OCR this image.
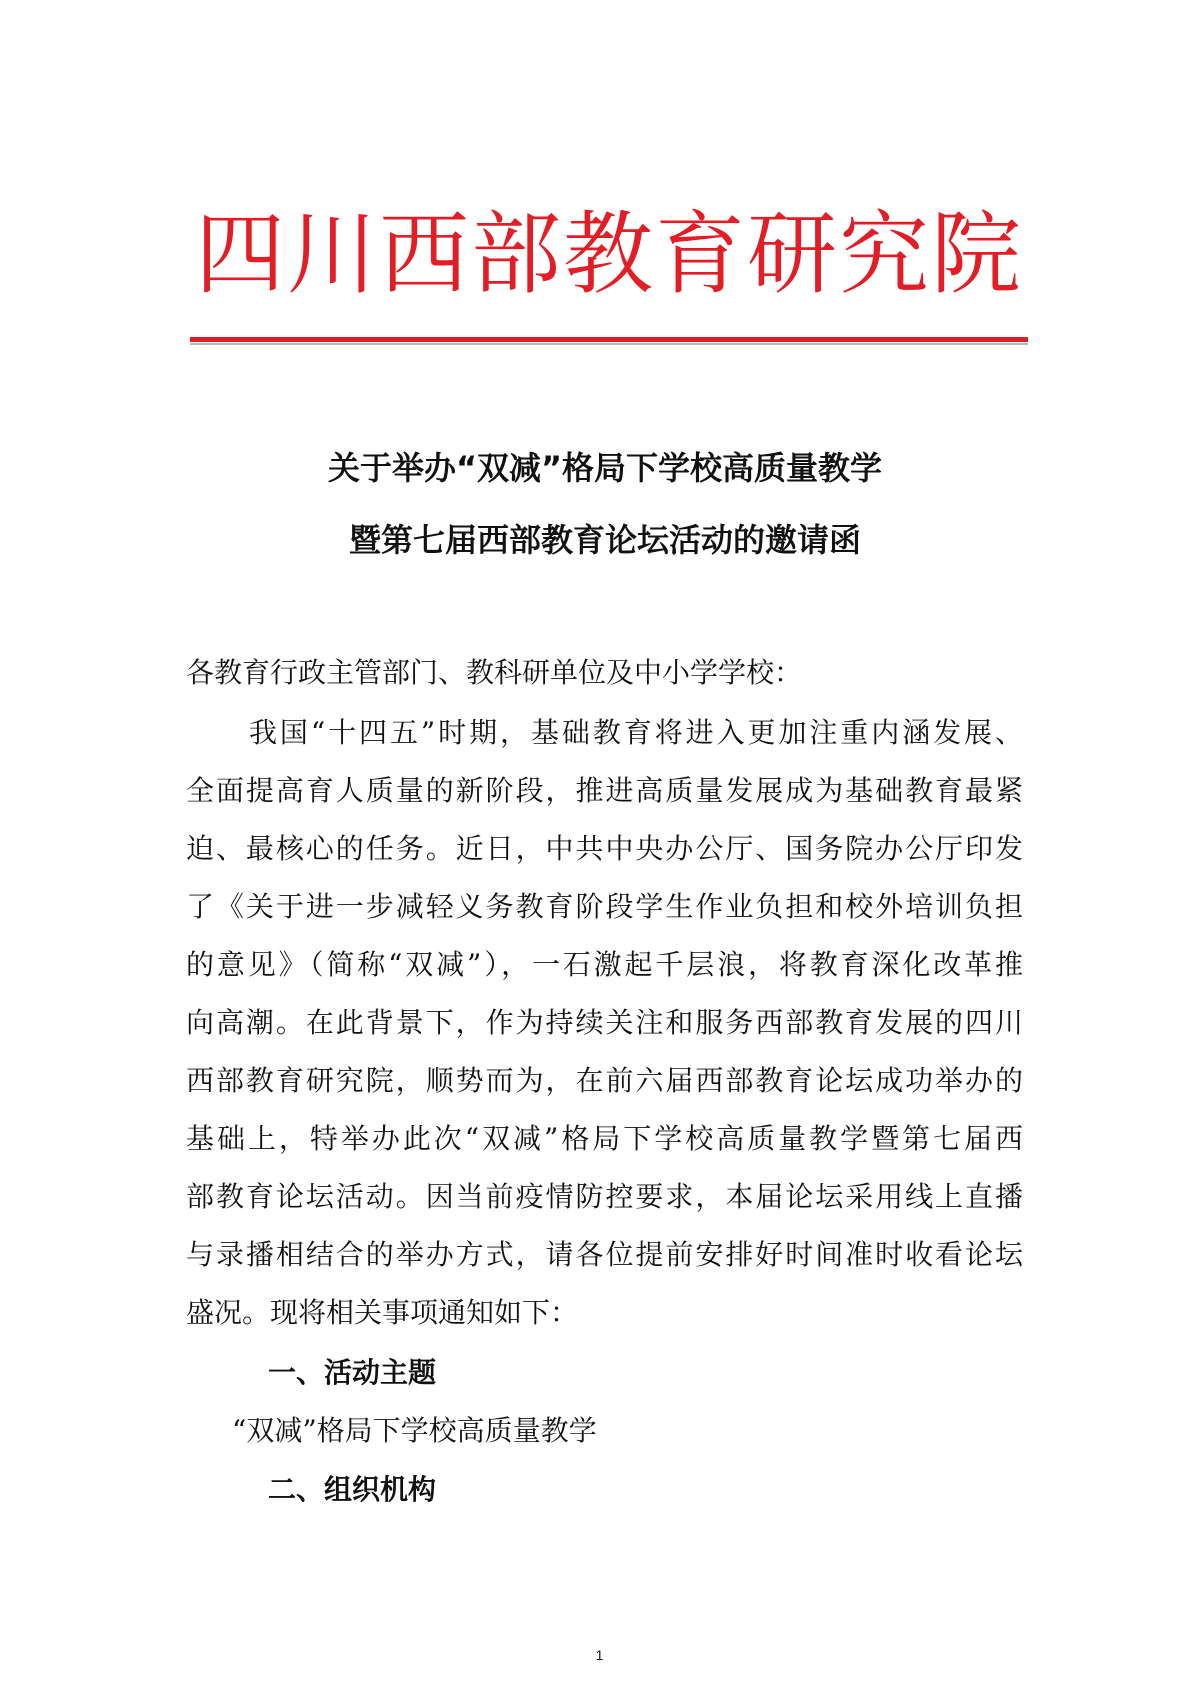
四川西部教育研究院
关于举办“双减”格局下学校高质量教学
暨第七届西部教育论坛活动的邀请函
各教育行政主管部门、教科研单位及中小学学校：
我国“十四五”时期，基础教育将进入更加注重内涵发展、
全面提高育人质量的新阶段，推进高质量发展成为基础教育最紧
迫、最核心的任务。近日，中共中央办公厅、国务院办公厅印发
了《关于进一步减轻义务教育阶段学生作业负担和校外培训负担
的意见》（简称“双减”），一石激起千层浪，将教育深化改革推
向高潮。在此背景下，作为持续关注和服务西部教育发展的四川
西部教育研究院，顺势而为，在前六届西部教育论坛成功举办的
基础上，特举办此次“双减”格局下学校高质量教学暨第七届西
部教育论坛活动。因当前疫情防控要求，本届论坛采用线上直播
与录播相结合的举办方式，请各位提前安排好时间准时收看论坛
盛况。现将相关事项通知如下：
一、活动主题
“双减”格局下学校高质量教学
二、组织机构
1
